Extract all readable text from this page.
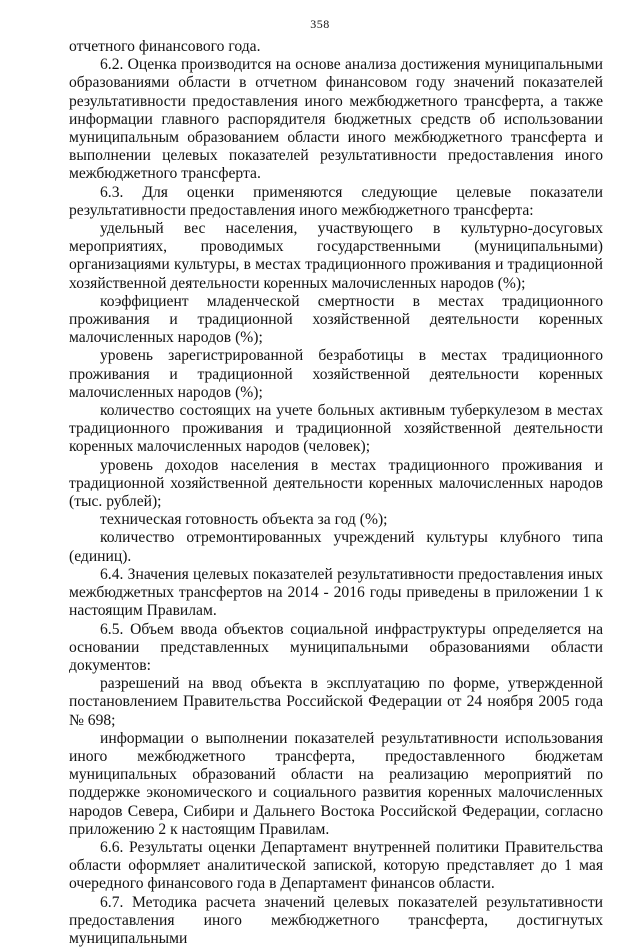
358

отчетного финансового года.

6.2. Оценка производится на основе анализа достижения муниципальными образованиями области в отчетном финансовом году значений показателей результативности предоставления иного межбюджетного трансферта, а также информации главного распорядителя бюджетных средств об использовании муниципальным образованием области иного межбюджетного трансферта и выполнении целевых показателей результативности предоставления иного межбюджетного трансферта.

6.3. Для оценки применяются следующие целевые показатели результативности предоставления иного межбюджетного трансферта:

удельный вес населения, участвующего в культурно-досуговых мероприятиях, проводимых государственными (муниципальными) организациями культуры, в местах традиционного проживания и традиционной хозяйственной деятельности коренных малочисленных народов (%);

коэффициент младенческой смертности в местах традиционного проживания и традиционной хозяйственной деятельности коренных малочисленных народов (%);

уровень зарегистрированной безработицы в местах традиционного проживания и традиционной хозяйственной деятельности коренных малочисленных народов (%);

количество состоящих на учете больных активным туберкулезом в местах традиционного проживания и традиционной хозяйственной деятельности коренных малочисленных народов (человек);

уровень доходов населения в местах традиционного проживания и традиционной хозяйственной деятельности коренных малочисленных народов (тыс. рублей);

техническая готовность объекта за год (%);

количество отремонтированных учреждений культуры клубного типа (единиц).

6.4. Значения целевых показателей результативности предоставления иных межбюджетных трансфертов на 2014 - 2016 годы приведены в приложении 1 к настоящим Правилам.

6.5. Объем ввода объектов социальной инфраструктуры определяется на основании представленных муниципальными образованиями области документов:

разрешений на ввод объекта в эксплуатацию по форме, утвержденной постановлением Правительства Российской Федерации от 24 ноября 2005 года № 698;

информации о выполнении показателей результативности использования иного межбюджетного трансферта, предоставленного бюджетам муниципальных образований области на реализацию мероприятий по поддержке экономического и социального развития коренных малочисленных народов Севера, Сибири и Дальнего Востока Российской Федерации, согласно приложению 2 к настоящим Правилам.

6.6. Результаты оценки Департамент внутренней политики Правительства области оформляет аналитической запиской, которую представляет до 1 мая очередного финансового года в Департамент финансов области.

6.7. Методика расчета значений целевых показателей результативности предоставления иного межбюджетного трансферта, достигнутых муниципальными
